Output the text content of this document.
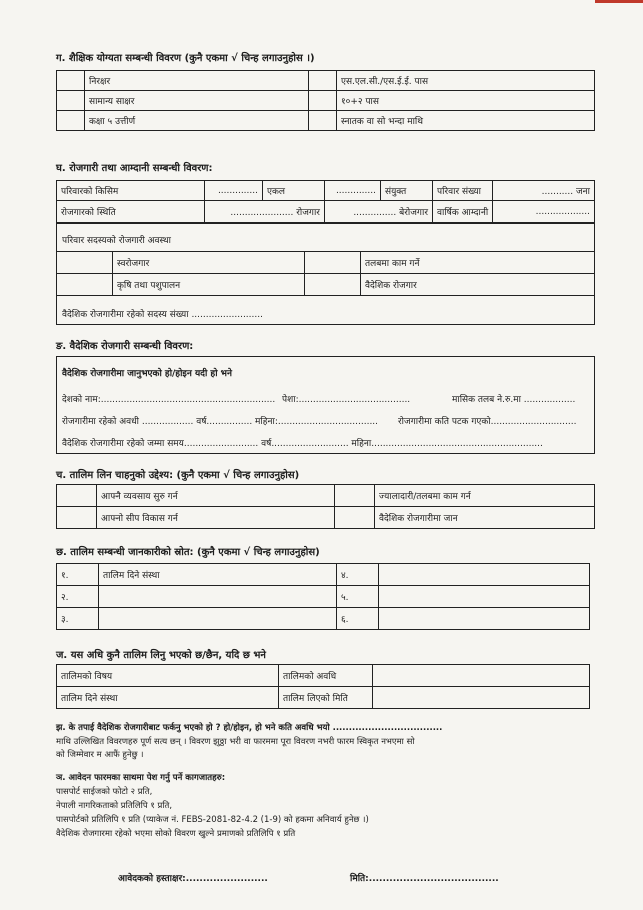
ग. शैक्षिक योग्यता सम्बन्धी विवरण (कुनै एकमा √ चिन्ह लगाउनुहोस ।)
	निरक्षर		एस.एल.सी./एस.ई.ई. पास
	सामान्य साक्षर		१०+२ पास
	कक्षा ५ उत्तीर्ण		स्नातक वा सो भन्दा माथि
घ. रोजगारी तथा आम्दानी सम्बन्धी विवरण:
परिवारको किसिम	..............	एकल	..............	संयुक्त	परिवार संख्या	........... जना
रोजगारको स्थिति	...................... रोजगार		............... बेरोजगार		वार्षिक आम्दानी	...................
परिवार सदस्यको रोजगारी अवस्था
	स्वरोजगार		तलबमा काम गर्ने
	कृषि तथा पशुपालन		वैदेशिक रोजगार
वैदेशिक रोजगारीमा रहेको सदस्य संख्या .........................
ङ. वैदेशिक रोजगारी सम्बन्धी विवरण:
वैदेशिक रोजगारीमा जानुभएको हो/होइन यदी हो भने
देशको नाम:............................................................. पेशा:.......................................	मासिक तलब ने.रु.मा ..................
रोजगारीमा रहेको अवधी .................. वर्ष................ महिना:................................... रोजगारीमा कति पटक गएको..............................
वैदेशिक रोजगारीमा रहेको जम्मा समय.......................... वर्ष........................... महिना............................................................
च. तालिम लिन चाहनुको उद्देश्य: (कुनै एकमा √ चिन्ह लगाउनुहोस)
	आफ्नै व्यवसाय सुरु गर्न		ज्यालादारी/तलबमा काम गर्न
	आफ्नो सीप विकास गर्न		वैदेशिक रोजगारीमा जान
छ. तालिम सम्बन्धी जानकारीको स्रोत: (कुनै एकमा √ चिन्ह लगाउनुहोस)
१.	तालिम दिने संस्था	४.	
२.		५.	
३.		६.	
ज. यस अधि कुनै तालिम लिनु भएको छ/छैन, यदि छ भने
तालिमको विषय	तालिमको अवधि	
तालिम दिने संस्था	तालिम लिएको मिति	
झ. के तपाई वैदेशिक रोजगारीबाट फर्कनु भएको हो ? हो/होइन, हो भने कति अवधि भयो ..................................
माथि उल्लिखित विवरणहरु पूर्ण सत्य छन् । विवरण झुठ्ठा भरी वा फारममा पूरा विवरण नभरी फारम स्विकृत नभएमा सो
को जिम्मेवार म आफैं हुनेछु ।
ञ. आवेदन फारमका साथमा पेश गर्नु पर्ने कागजातहरु:
पासपोर्ट साईजको फोटो २ प्रति,
नेपाली नागरिकताको प्रतिलिपि १ प्रति,
पासपोर्टको प्रतिलिपि १ प्रति (प्याकेज नं. FEBS-2081-82-4.2 (1-9) को हकमा अनिवार्य हुनेछ ।)
वैदेशिक रोजगारमा रहेको भएमा सोको विवरण खुल्ने प्रमाणको प्रतिलिपि १ प्रति
आवेदकको हस्ताक्षर:........................	मिति:......................................
